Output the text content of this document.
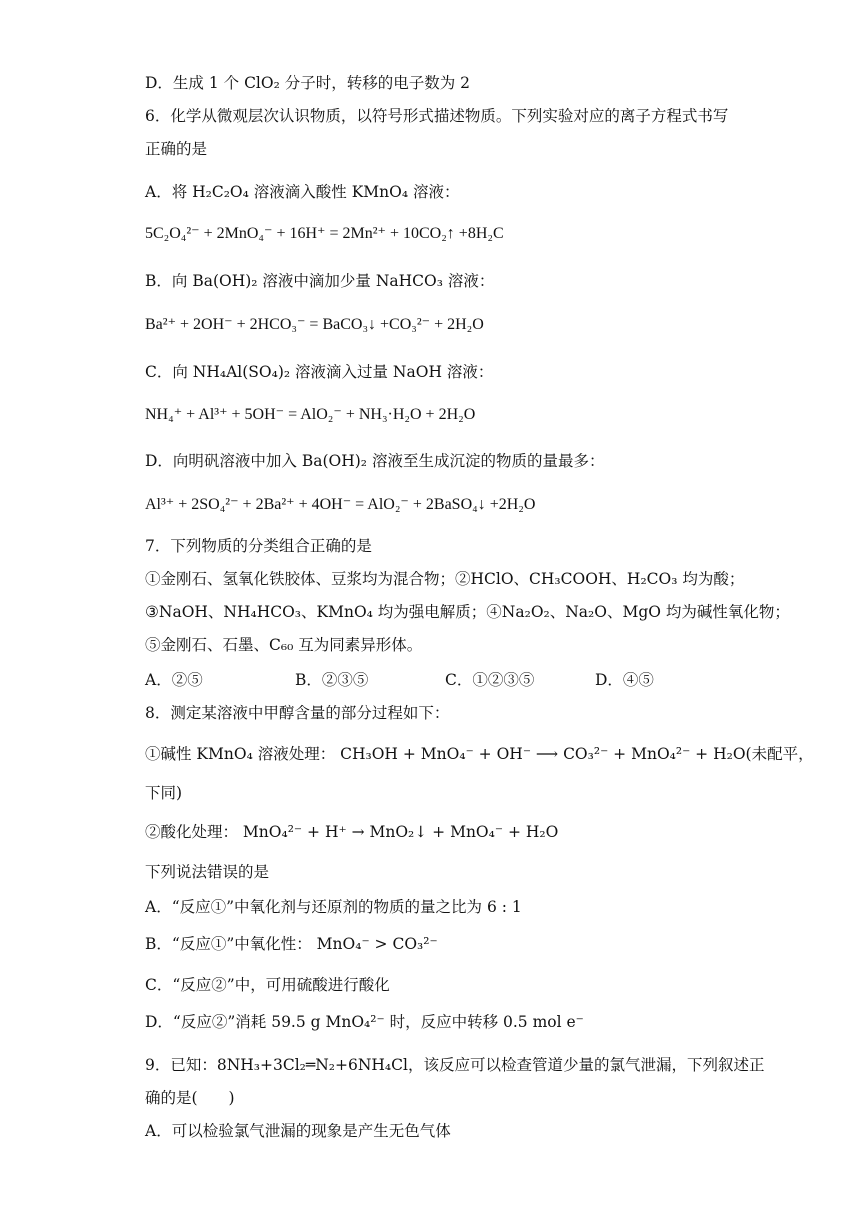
D．生成 1 个 ClO₂ 分子时，转移的电子数为 2
6．化学从微观层次认识物质，以符号形式描述物质。下列实验对应的离子方程式书写
正确的是
A．将 H₂C₂O₄ 溶液滴入酸性 KMnO₄ 溶液：
5C₂O₄²⁻ + 2MnO₄⁻ + 16H⁺ = 2Mn²⁺ + 10CO₂↑ +8H₂C
B．向 Ba(OH)₂ 溶液中滴加少量 NaHCO₃ 溶液：
Ba²⁺ + 2OH⁻ + 2HCO₃⁻ = BaCO₃↓ +CO₃²⁻ + 2H₂O
C．向 NH₄Al(SO₄)₂ 溶液滴入过量 NaOH 溶液：
NH₄⁺ + Al³⁺ + 5OH⁻ = AlO₂⁻ + NH₃·H₂O + 2H₂O
D．向明矾溶液中加入 Ba(OH)₂ 溶液至生成沉淀的物质的量最多：
Al³⁺ + 2SO₄²⁻ + 2Ba²⁺ + 4OH⁻ = AlO₂⁻ + 2BaSO₄↓ +2H₂O
7．下列物质的分类组合正确的是
①金刚石、氢氧化铁胶体、豆浆均为混合物；②HClO、CH₃COOH、H₂CO₃ 均为酸；
③NaOH、NH₄HCO₃、KMnO₄ 均为强电解质；④Na₂O₂、Na₂O、MgO 均为碱性氧化物；
⑤金刚石、石墨、C₆₀ 互为同素异形体。
A．②⑤	B．②③⑤	C．①②③⑤	D．④⑤
8．测定某溶液中甲醇含量的部分过程如下：
①碱性 KMnO₄ 溶液处理： CH₃OH + MnO₄⁻ + OH⁻ ⟶ CO₃²⁻ + MnO₄²⁻ + H₂O(未配平，
下同)
②酸化处理： MnO₄²⁻ + H⁺ → MnO₂↓ + MnO₄⁻ + H₂O
下列说法错误的是
A．“反应①”中氧化剂与还原剂的物质的量之比为 6 : 1
B．“反应①”中氧化性： MnO₄⁻ > CO₃²⁻
C．“反应②”中，可用硫酸进行酸化
D．“反应②”消耗 59.5 g MnO₄²⁻ 时，反应中转移 0.5 mol e⁻
9．已知：8NH₃+3Cl₂═N₂+6NH₄Cl，该反应可以检查管道少量的氯气泄漏，下列叙述正
确的是(　　)
A．可以检验氯气泄漏的现象是产生无色气体
